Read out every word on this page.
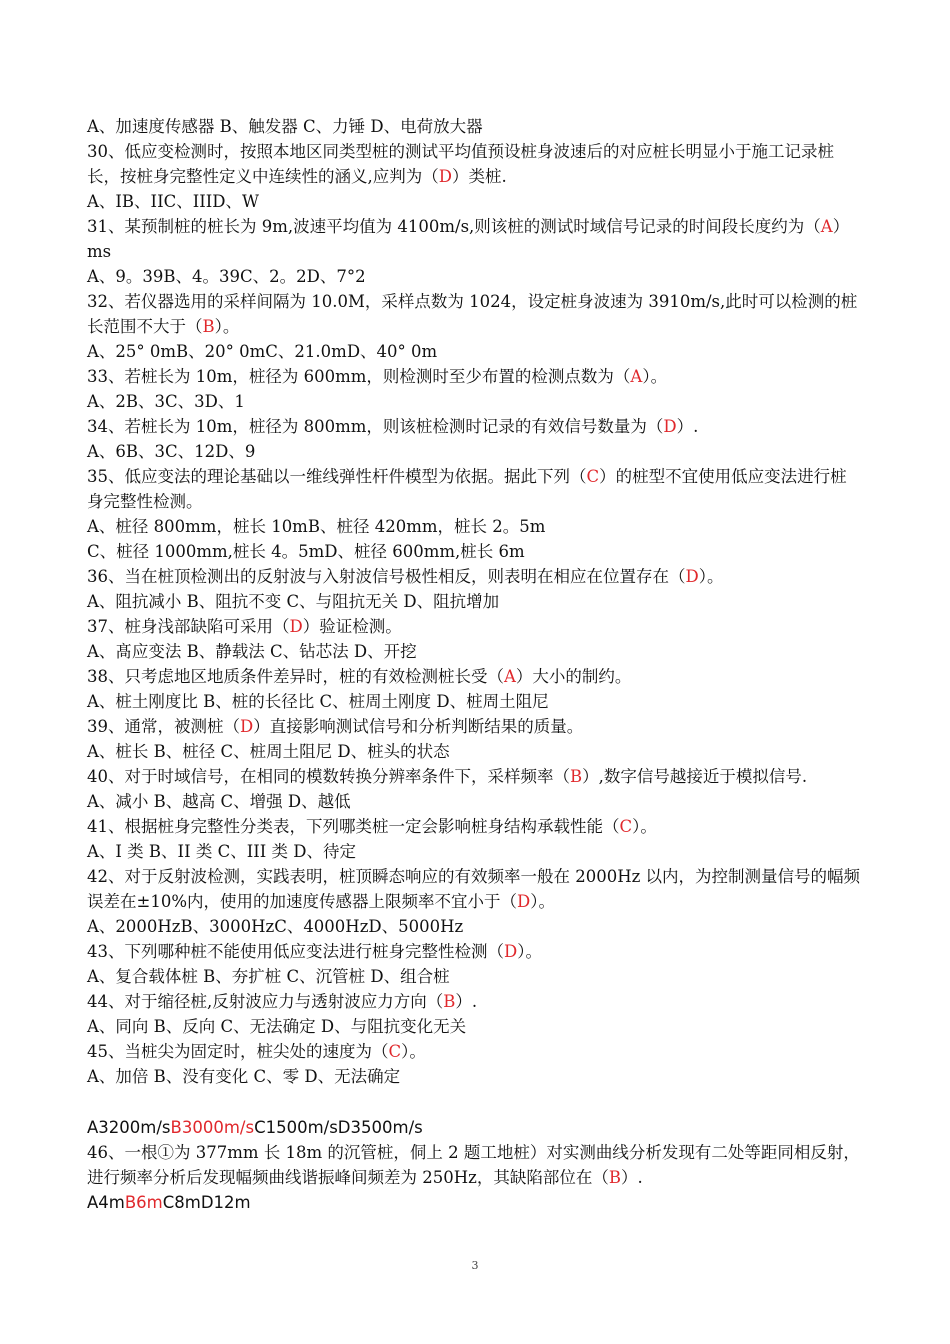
A、加速度传感器 B、触发器 C、力锤 D、电荷放大器
30、低应变检测时，按照本地区同类型桩的测试平均值预设桩身波速后的对应桩长明显小于施工记录桩长，按桩身完整性定义中连续性的涵义,应判为（D）类桩.
A、IB、IIC、IIID、W
31、某预制桩的桩长为 9m,波速平均值为 4100m/s,则该桩的测试时域信号记录的时间段长度约为（A）ms
A、9。39B、4。39C、2。2D、7°2
32、若仪器选用的采样间隔为 10.0M，采样点数为 1024，设定桩身波速为 3910m/s,此时可以检测的桩长范围不大于（B）。
A、25° 0mB、20° 0mC、21.0mD、40° 0m
33、若桩长为 10m，桩径为 600mm，则检测时至少布置的检测点数为（A）。
A、2B、3C、3D、1
34、若桩长为 10m，桩径为 800mm，则该桩检测时记录的有效信号数量为（D）.
A、6B、3C、12D、9
35、低应变法的理论基础以一维线弹性杆件模型为依据。据此下列（C）的桩型不宜使用低应变法进行桩身完整性检测。
A、桩径 800mm，桩长 10mB、桩径 420mm，桩长 2。5m
C、桩径 1000mm,桩长 4。5mD、桩径 600mm,桩长 6m
36、当在桩顶检测出的反射波与入射波信号极性相反，则表明在相应在位置存在（D）。
A、阻抗减小 B、阻抗不变 C、与阻抗无关 D、阻抗增加
37、桩身浅部缺陷可采用（D）验证检测。
A、髙应变法 B、静载法 C、钻芯法 D、开挖
38、只考虑地区地质条件差异时，桩的有效检测桩长受（A）大小的制约。
A、桩土刚度比 B、桩的长径比 C、桩周土刚度 D、桩周土阻尼
39、通常，被测桩（D）直接影响测试信号和分析判断结果的质量。
A、桩长 B、桩径 C、桩周土阻尼 D、桩头的状态
40、对于时域信号，在相同的模数转换分辨率条件下，采样频率（B）,数字信号越接近于模拟信号.
A、减小 B、越高 C、增强 D、越低
41、根据桩身完整性分类表，下列哪类桩一定会影响桩身结构承载性能（C）。
A、I 类 B、II 类 C、III 类 D、待定
42、对于反射波检测，实践表明，桩顶瞬态响应的有效频率一般在 2000Hz 以内，为控制测量信号的幅频误差在±10%内，使用的加速度传感器上限频率不宜小于（D）。
A、2000HzB、3000HzC、4000HzD、5000Hz
43、下列哪种桩不能使用低应变法进行桩身完整性检测（D）。
A、复合载体桩 B、夯扩桩 C、沉管桩 D、组合桩
44、对于缩径桩,反射波应力与透射波应力方向（B）.
A、同向 B、反向 C、无法确定 D、与阻抗变化无关
45、当桩尖为固定时，桩尖处的速度为（C）。
A、加倍 B、没有变化 C、零 D、无法确定
A3200m/sB3000m/sC1500m/sD3500m/s
46、一根①为 377mm 长 18m 的沉管桩，侗上 2 题工地桩）对实测曲线分析发现有二处等距同相反射，进行频率分析后发现幅频曲线谐振峰间频差为 250Hz，其缺陷部位在（B）.
A4mB6mC8mD12m
3
